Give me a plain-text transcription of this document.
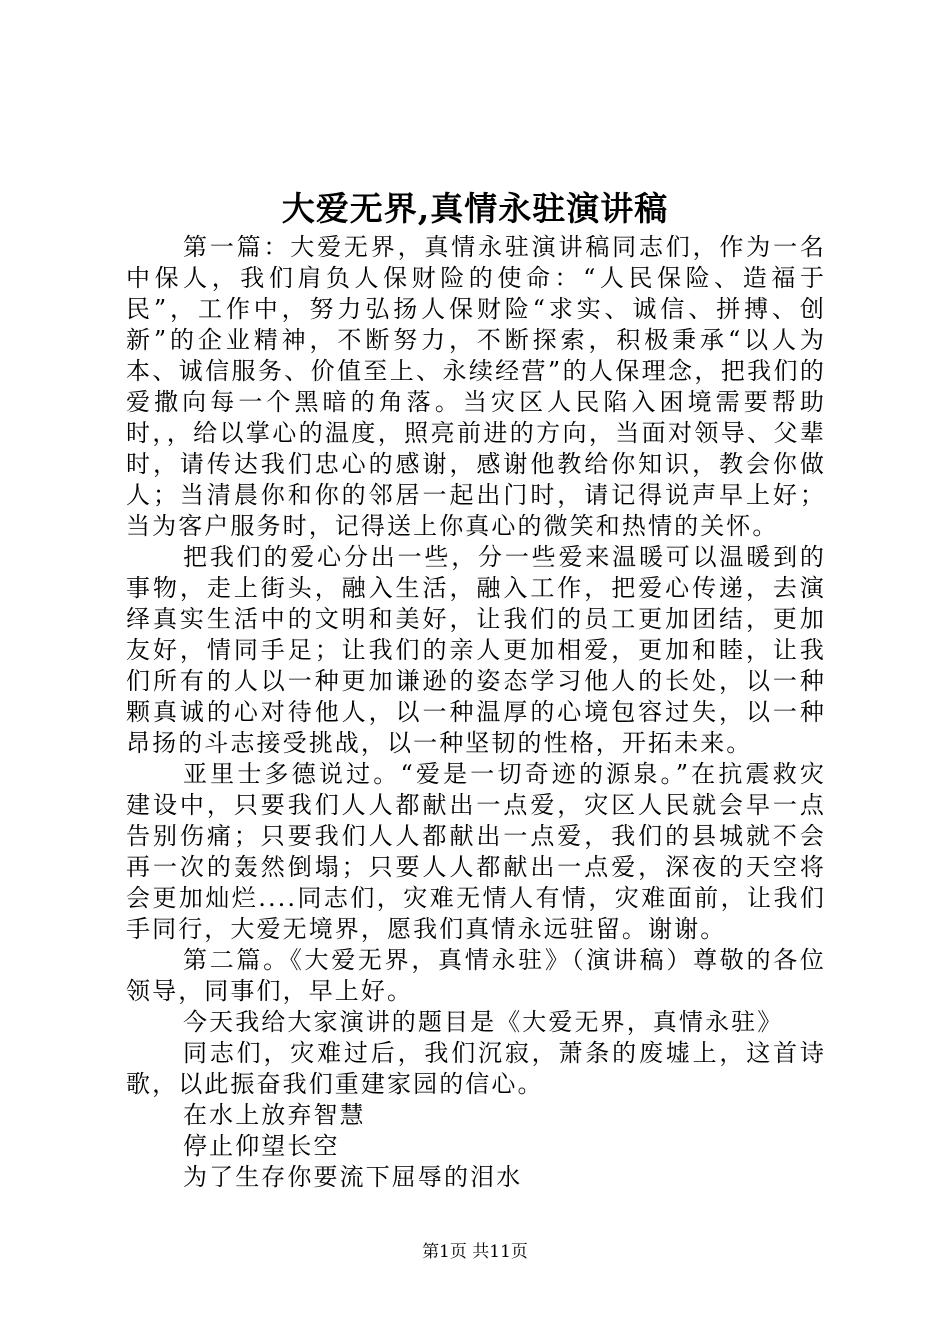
大爱无界,真情永驻演讲稿

第一篇：大爱无界，真情永驻演讲稿同志们，作为一名中保人，我们肩负人保财险的使命：“人民保险、造福于民”，工作中，努力弘扬人保财险“求实、诚信、拼搏、创新”的企业精神，不断努力，不断探索，积极秉承“以人为本、诚信服务、价值至上、永续经营”的人保理念，把我们的爱撒向每一个黑暗的角落。当灾区人民陷入困境需要帮助时，，给以掌心的温度，照亮前进的方向，当面对领导、父辈时，请传达我们忠心的感谢，感谢他教给你知识，教会你做人；当清晨你和你的邻居一起出门时，请记得说声早上好；当为客户服务时，记得送上你真心的微笑和热情的关怀。

把我们的爱心分出一些，分一些爱来温暖可以温暖到的事物，走上街头，融入生活，融入工作，把爱心传递，去演绎真实生活中的文明和美好，让我们的员工更加团结，更加友好，情同手足；让我们的亲人更加相爱，更加和睦，让我们所有的人以一种更加谦逊的姿态学习他人的长处，以一种颗真诚的心对待他人，以一种温厚的心境包容过失，以一种昂扬的斗志接受挑战，以一种坚韧的性格，开拓未来。

亚里士多德说过。“爱是一切奇迹的源泉。”在抗震救灾建设中，只要我们人人都献出一点爱，灾区人民就会早一点告别伤痛；只要我们人人都献出一点爱，我们的县城就不会再一次的轰然倒塌；只要人人都献出一点爱，深夜的天空将会更加灿烂....同志们，灾难无情人有情，灾难面前，让我们手同行，大爱无境界，愿我们真情永远驻留。谢谢。

第二篇。《大爱无界，真情永驻》（演讲稿）尊敬的各位领导，同事们，早上好。

今天我给大家演讲的题目是《大爱无界，真情永驻》

同志们，灾难过后，我们沉寂，萧条的废墟上，这首诗歌，以此振奋我们重建家园的信心。

在水上放弃智慧

停止仰望长空

为了生存你要流下屈辱的泪水

第1页 共11页
